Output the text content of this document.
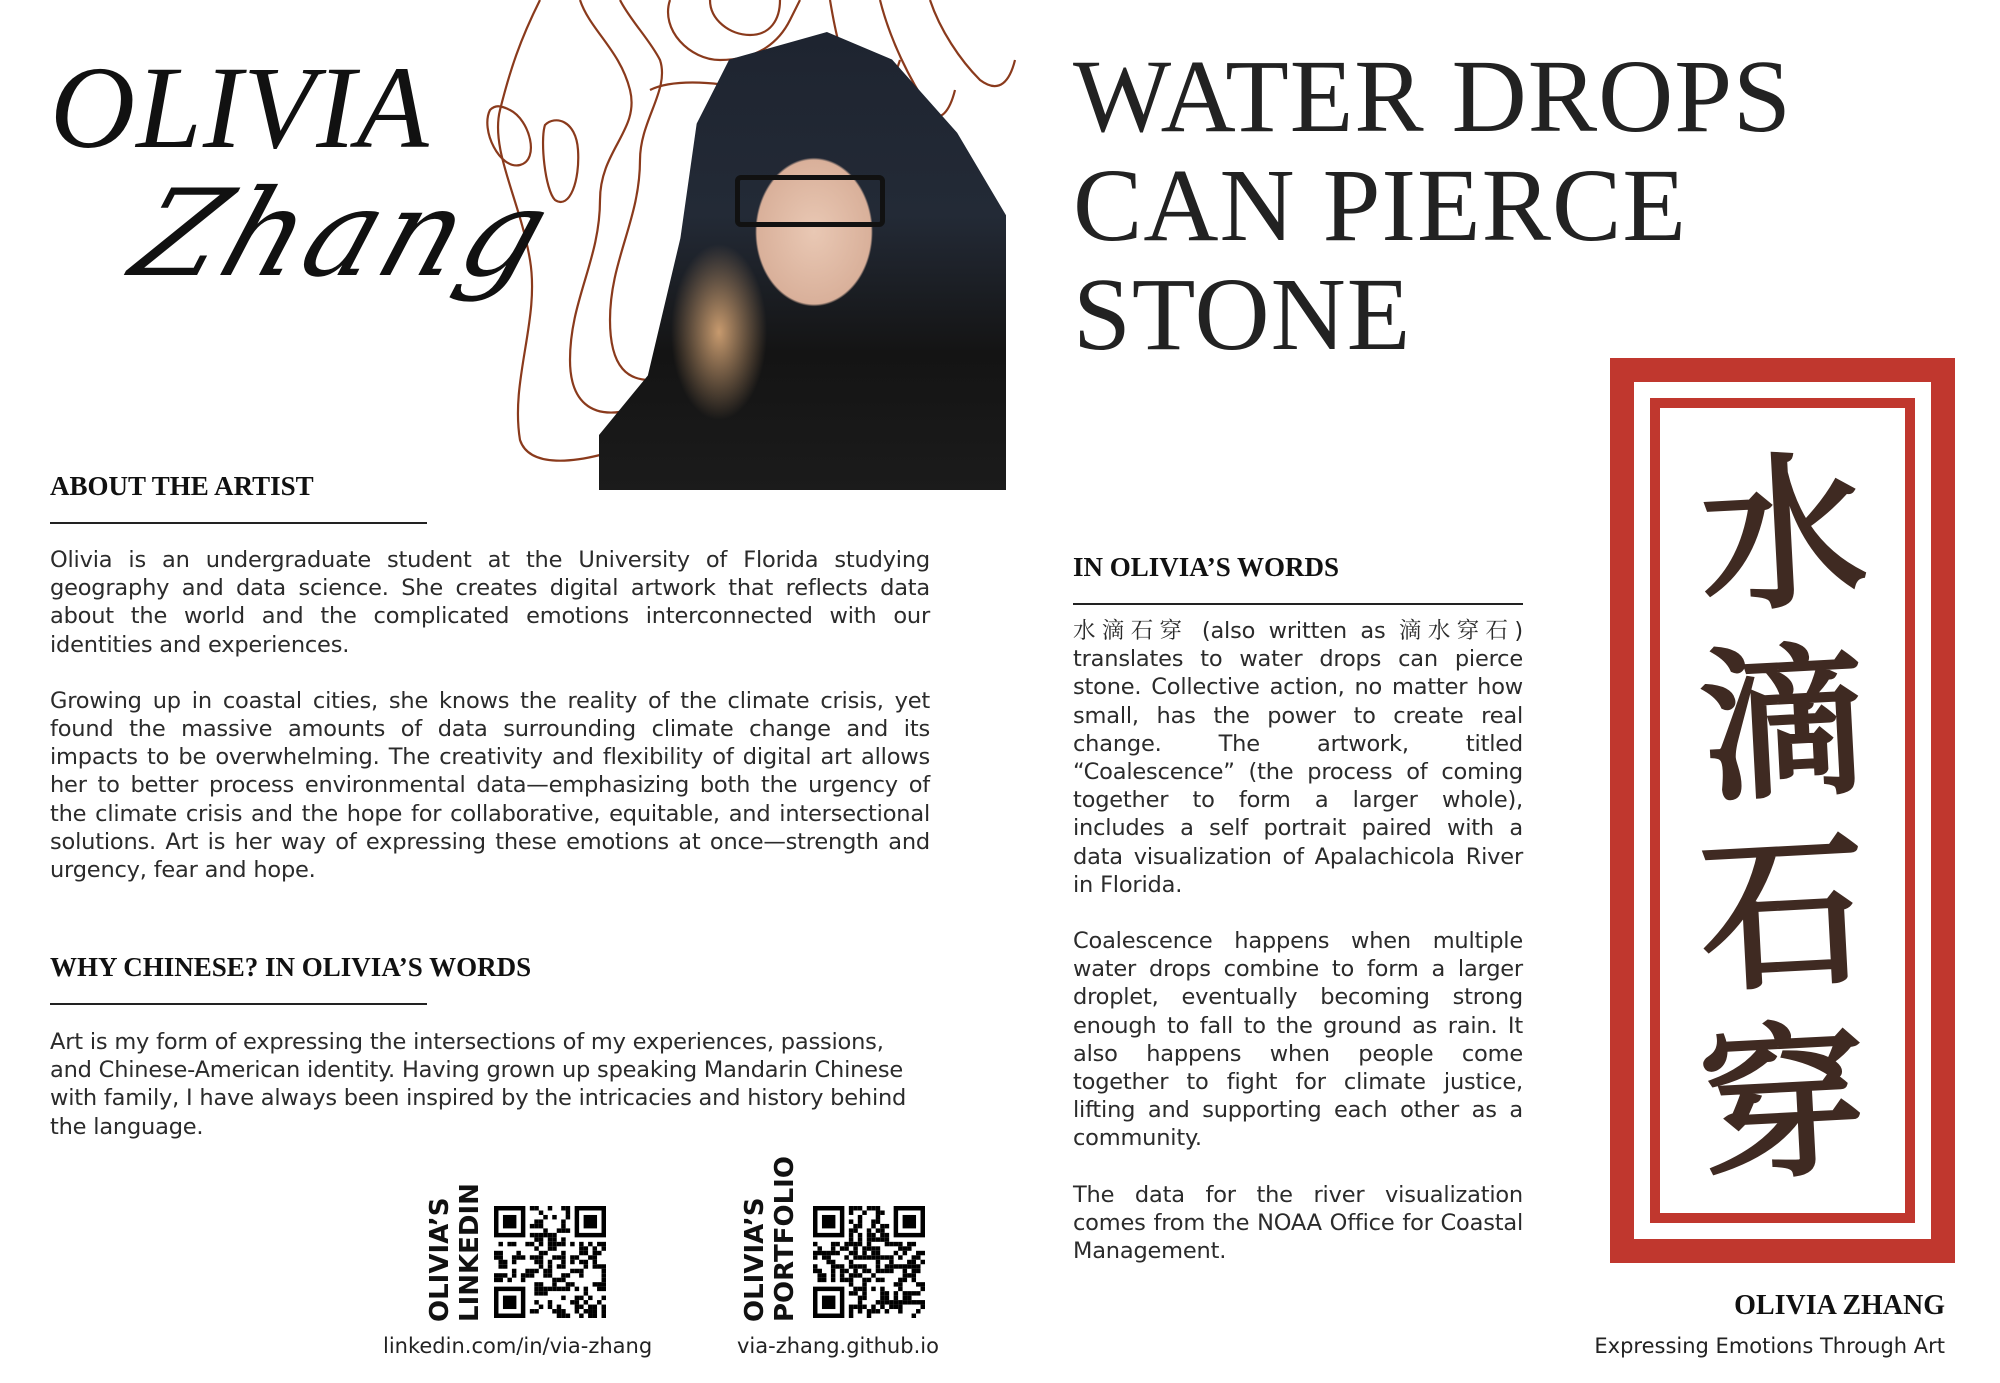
OLIVIA
Zhang
WATER DROPS
CAN PIERCE
STONE
ABOUT THE ARTIST

Olivia is an undergraduate student at the University of Florida studying geography and data science. She creates digital artwork that reflects data about the world and the complicated emotions interconnected with our identities and experiences.

Growing up in coastal cities, she knows the reality of the climate crisis, yet found the massive amounts of data surrounding climate change and its impacts to be overwhelming. The creativity and flexibility of digital art allows her to better process environmental data—emphasizing both the urgency of the climate crisis and the hope for collaborative, equitable, and intersectional solutions. Art is her way of expressing these emotions at once—strength and urgency, fear and hope.

WHY CHINESE? IN OLIVIA’S WORDS
Art is my form of expressing the intersections of my experiences, passions, and Chinese-American identity. Having grown up speaking Mandarin Chinese with family, I have always been inspired by the intricacies and history behind the language.
OLIVIA’S LINKEDIN
linkedin.com/in/via-zhang
OLIVIA’S PORTFOLIO
via-zhang.github.io
IN OLIVIA’S WORDS

水滴石穿 (also written as 滴水穿石) translates to water drops can pierce stone. Collective action, no matter how small, has the power to create real change. The artwork, titled “Coalescence” (the process of coming together to form a larger whole), includes a self portrait paired with a data visualization of Apalachicola River in Florida.

Coalescence happens when multiple water drops combine to form a larger droplet, eventually becoming strong enough to fall to the ground as rain. It also happens when people come together to fight for climate justice, lifting and supporting each other as a community.

The data for the river visualization comes from the NOAA Office for Coastal Management.

水
滴
石
穿
OLIVIA ZHANG
Expressing Emotions Through Art
